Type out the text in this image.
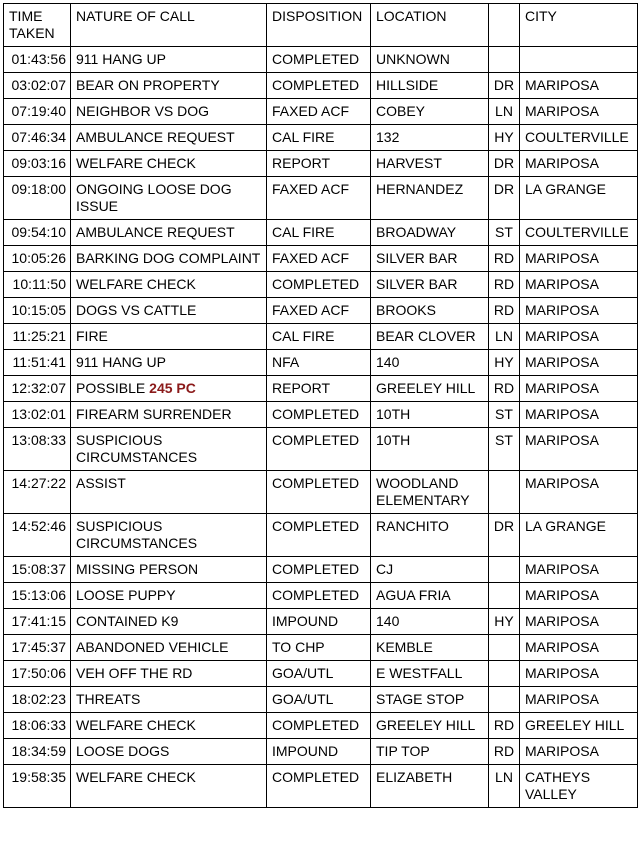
TIME TAKEN	NATURE OF CALL	DISPOSITION	LOCATION		CITY
01:43:56	911 HANG UP	COMPLETED	UNKNOWN		
03:02:07	BEAR ON PROPERTY	COMPLETED	HILLSIDE	DR	MARIPOSA
07:19:40	NEIGHBOR VS DOG	FAXED ACF	COBEY	LN	MARIPOSA
07:46:34	AMBULANCE REQUEST	CAL FIRE	132	HY	COULTERVILLE
09:03:16	WELFARE CHECK	REPORT	HARVEST	DR	MARIPOSA
09:18:00	ONGOING LOOSE DOG ISSUE	FAXED ACF	HERNANDEZ	DR	LA GRANGE
09:54:10	AMBULANCE REQUEST	CAL FIRE	BROADWAY	ST	COULTERVILLE
10:05:26	BARKING DOG COMPLAINT	FAXED ACF	SILVER BAR	RD	MARIPOSA
10:11:50	WELFARE CHECK	COMPLETED	SILVER BAR	RD	MARIPOSA
10:15:05	DOGS VS CATTLE	FAXED ACF	BROOKS	RD	MARIPOSA
11:25:21	FIRE	CAL FIRE	BEAR CLOVER	LN	MARIPOSA
11:51:41	911 HANG UP	NFA	140	HY	MARIPOSA
12:32:07	POSSIBLE 245 PC	REPORT	GREELEY HILL	RD	MARIPOSA
13:02:01	FIREARM SURRENDER	COMPLETED	10TH	ST	MARIPOSA
13:08:33	SUSPICIOUS CIRCUMSTANCES	COMPLETED	10TH	ST	MARIPOSA
14:27:22	ASSIST	COMPLETED	WOODLAND ELEMENTARY		MARIPOSA
14:52:46	SUSPICIOUS CIRCUMSTANCES	COMPLETED	RANCHITO	DR	LA GRANGE
15:08:37	MISSING PERSON	COMPLETED	CJ		MARIPOSA
15:13:06	LOOSE PUPPY	COMPLETED	AGUA FRIA		MARIPOSA
17:41:15	CONTAINED K9	IMPOUND	140	HY	MARIPOSA
17:45:37	ABANDONED VEHICLE	TO CHP	KEMBLE		MARIPOSA
17:50:06	VEH OFF THE RD	GOA/UTL	E WESTFALL		MARIPOSA
18:02:23	THREATS	GOA/UTL	STAGE STOP		MARIPOSA
18:06:33	WELFARE CHECK	COMPLETED	GREELEY HILL	RD	GREELEY HILL
18:34:59	LOOSE DOGS	IMPOUND	TIP TOP	RD	MARIPOSA
19:58:35	WELFARE CHECK	COMPLETED	ELIZABETH	LN	CATHEYS VALLEY
